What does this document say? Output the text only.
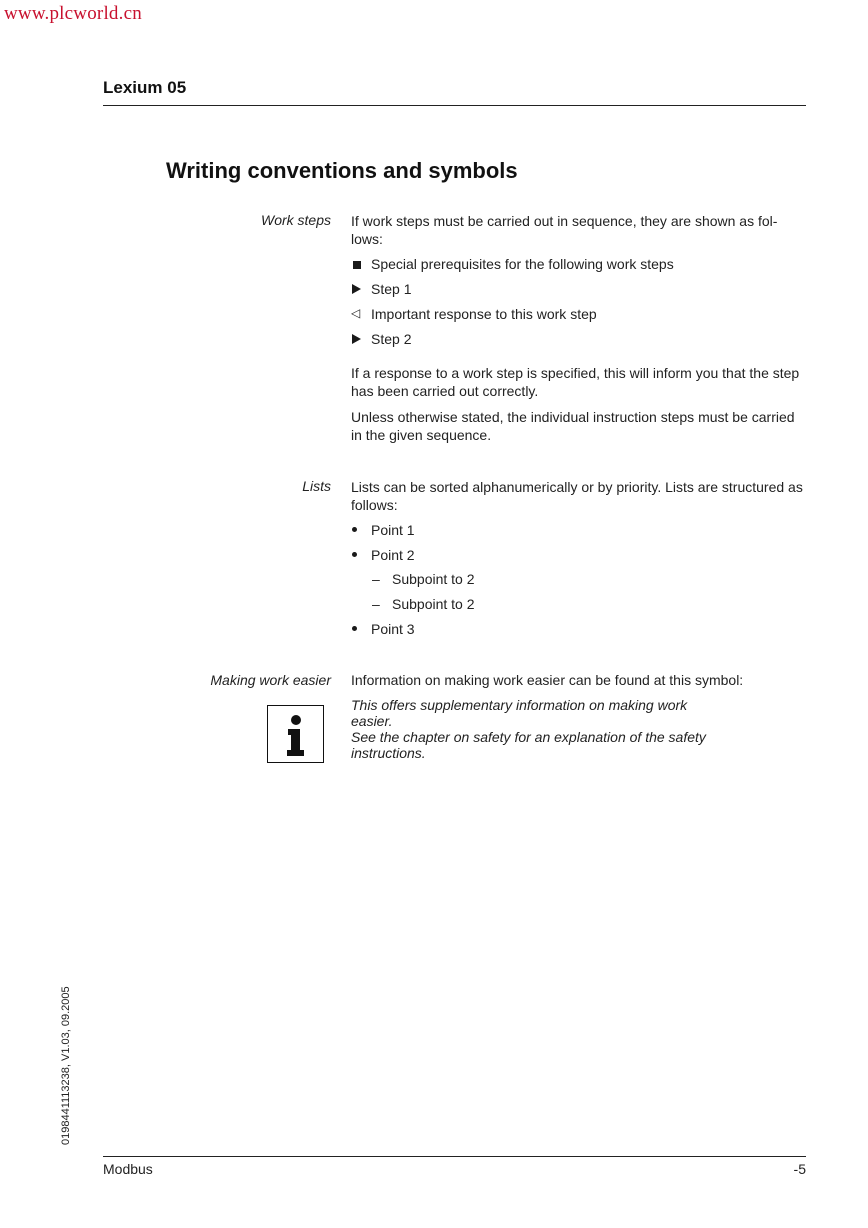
www.plcworld.cn
Lexium 05
Writing conventions and symbols
Work steps If work steps must be carried out in sequence, they are shown as fol-lows:

Special prerequisites for the following work steps
Step 1
◁ Important response to this work step
Step 2

If a response to a work step is specified, this will inform you that the step has been carried out correctly.

Unless otherwise stated, the individual instruction steps must be carried in the given sequence.

Lists Lists can be sorted alphanumerically or by priority. Lists are structured as follows:

Point 1
Point 2
– Subpoint to 2
– Subpoint to 2
Point 3
Making work easier Information on making work easier can be found at this symbol:
This offers supplementary information on making work easier.
See the chapter on safety for an explanation of the safety instructions.
0198441113238, V1.03, 09.2005
Modbus	-5
